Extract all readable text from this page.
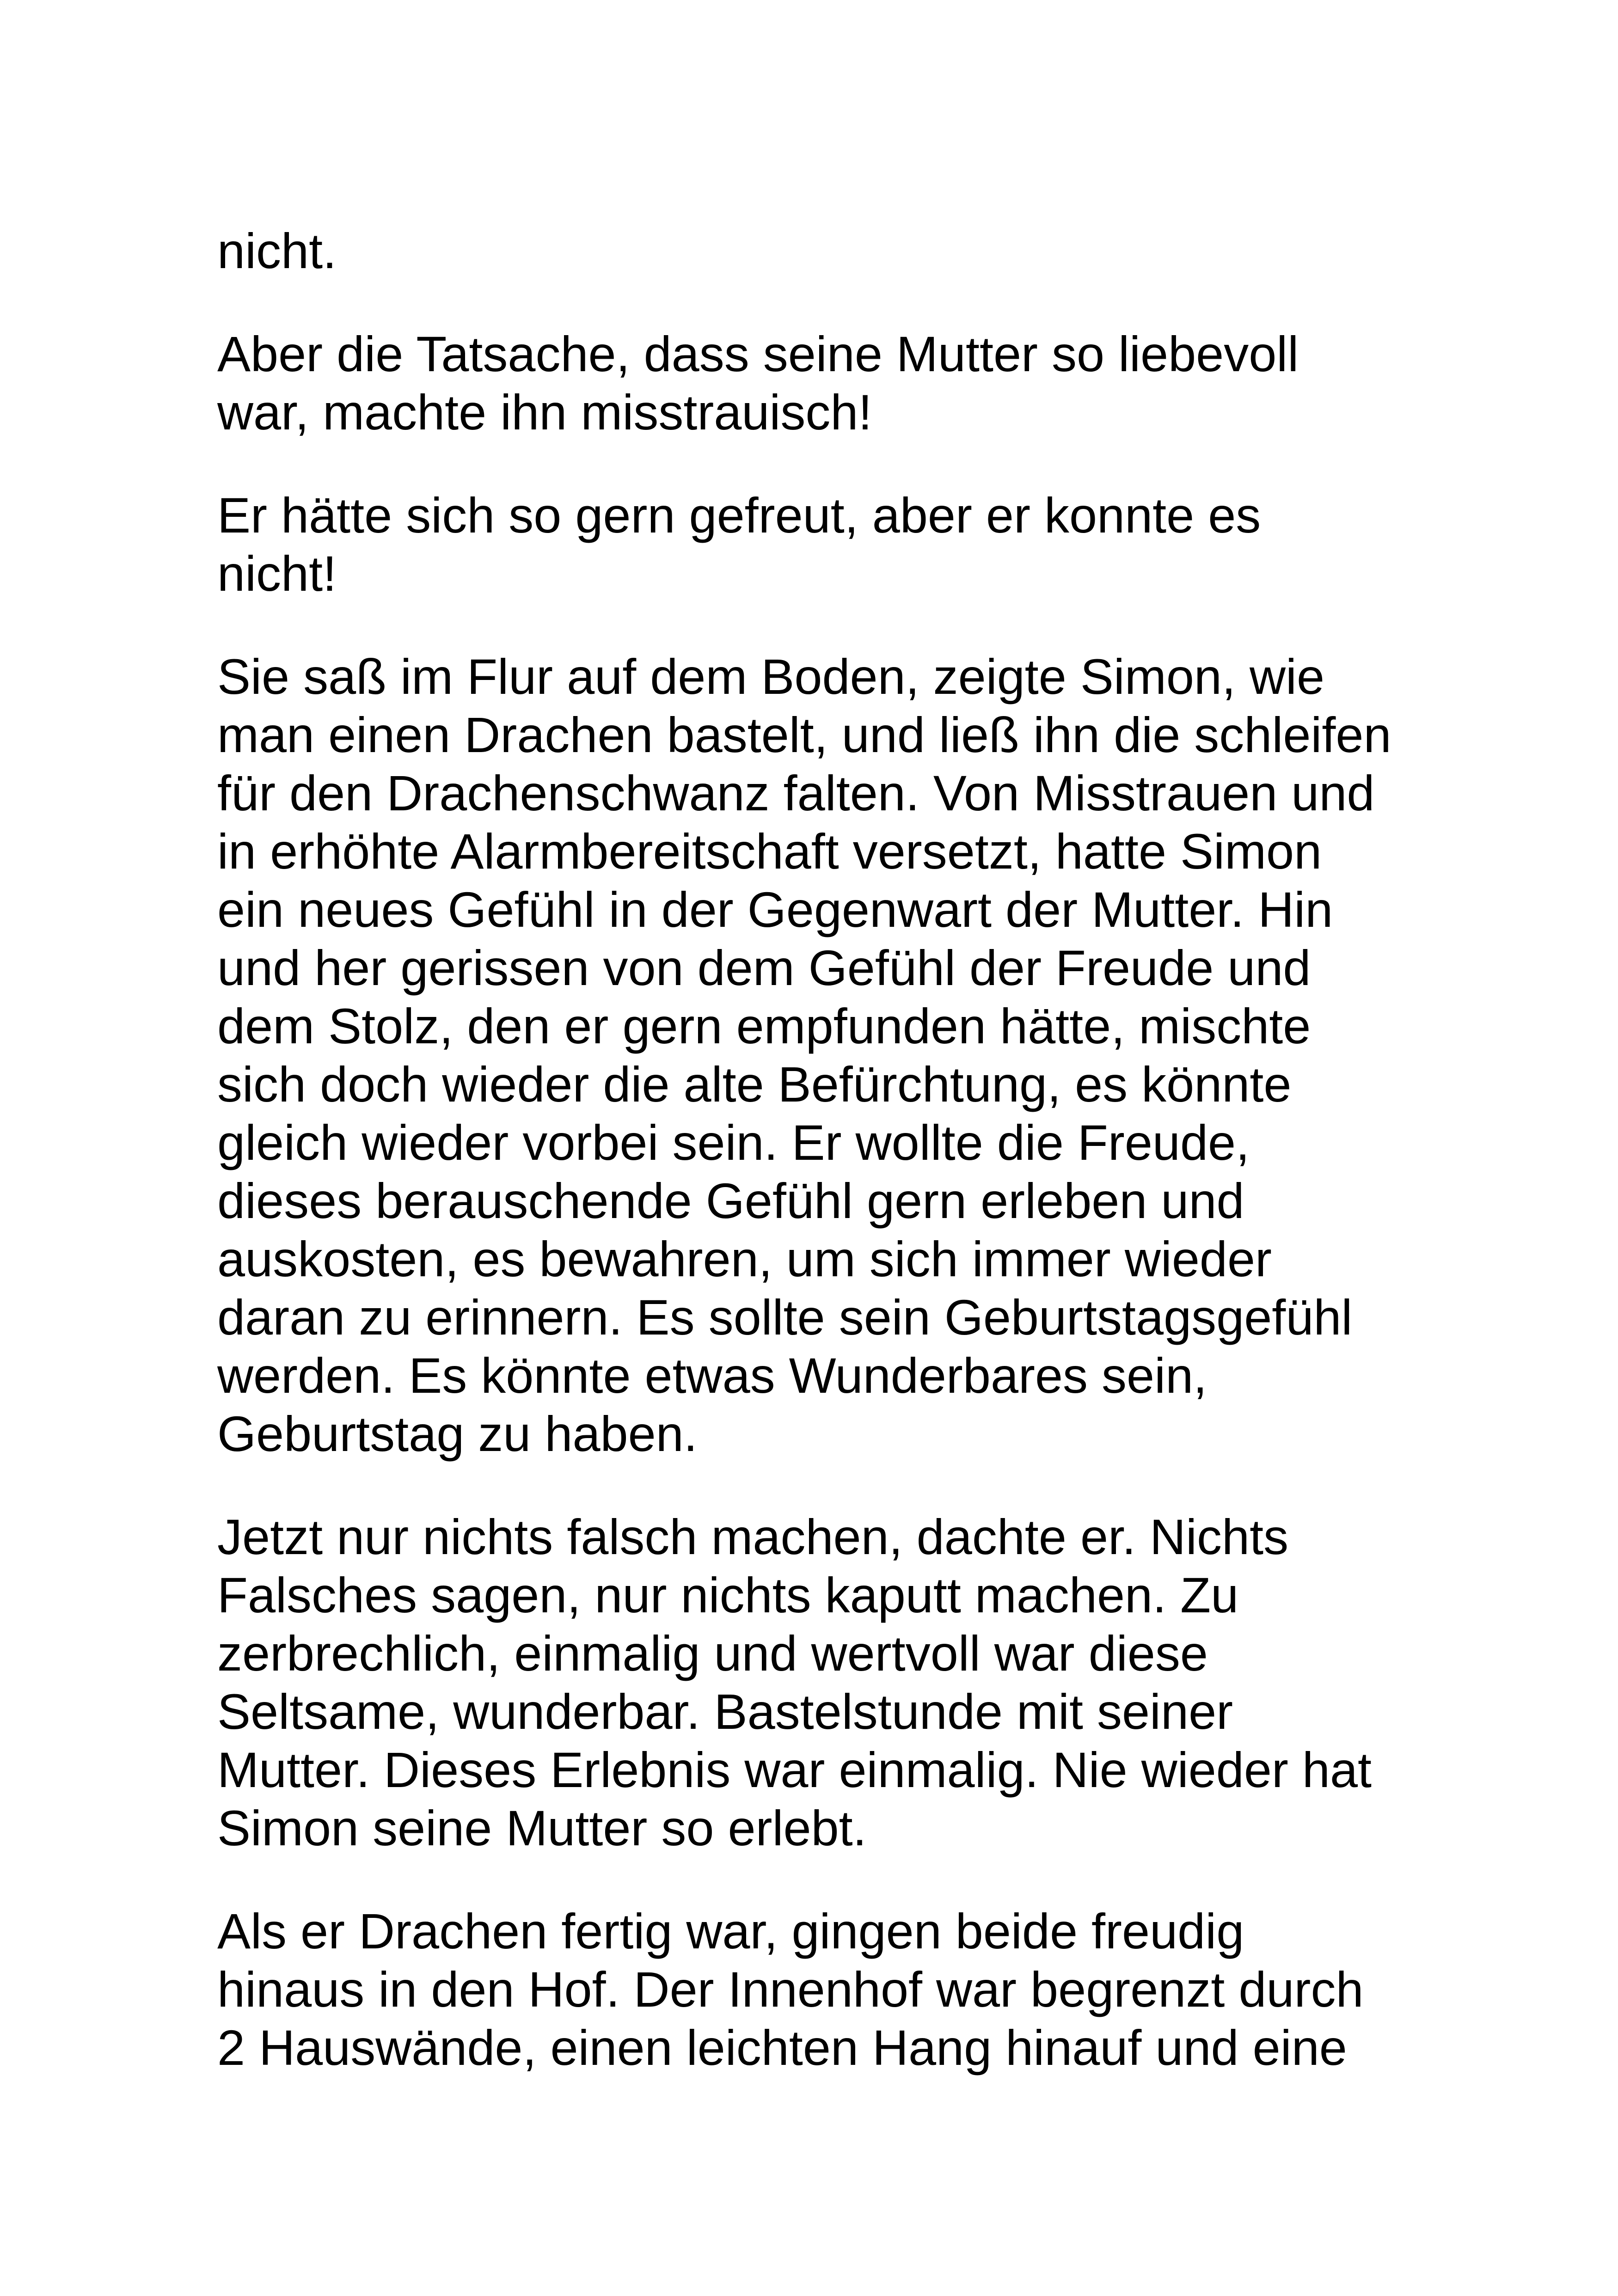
nicht.

Aber die Tatsache, dass seine Mutter so liebevoll war, machte ihn misstrauisch!

Er hätte sich so gern gefreut, aber er konnte es nicht!

Sie saß im Flur auf dem Boden, zeigte Simon, wie man einen Drachen bastelt, und ließ ihn die schleifen für den Drachenschwanz falten. Von Misstrauen und in erhöhte Alarmbereitschaft versetzt, hatte Simon ein neues Gefühl in der Gegenwart der Mutter. Hin und her gerissen von dem Gefühl der Freude und dem Stolz, den er gern empfunden hätte, mischte sich doch wieder die alte Befürchtung, es könnte gleich wieder vorbei sein. Er wollte die Freude, dieses berauschende Gefühl gern erleben und auskosten, es bewahren, um sich immer wieder daran zu erinnern. Es sollte sein Geburtstagsgefühl werden. Es könnte etwas Wunderbares sein, Geburtstag zu haben.

Jetzt nur nichts falsch machen, dachte er. Nichts Falsches sagen, nur nichts kaputt machen. Zu zerbrechlich, einmalig und wertvoll war diese Seltsame, wunderbar. Bastelstunde mit seiner Mutter. Dieses Erlebnis war einmalig. Nie wieder hat Simon seine Mutter so erlebt.

Als er Drachen fertig war, gingen beide freudig hinaus in den Hof. Der Innenhof war begrenzt durch 2 Hauswände, einen leichten Hang hinauf und eine
